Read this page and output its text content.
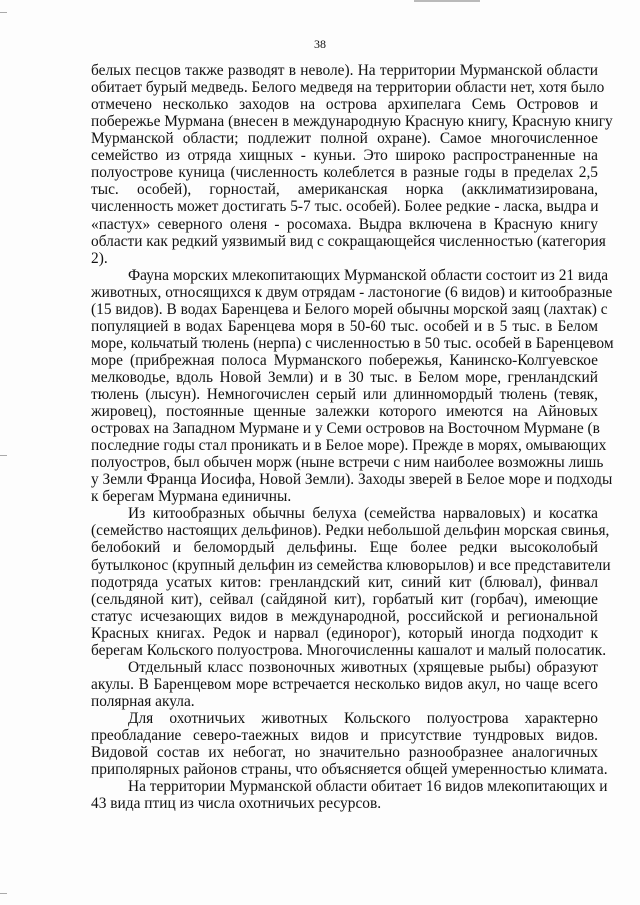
38
белых песцов также разводят в неволе). На территории Мурманской области
обитает бурый медведь. Белого медведя на территории области нет, хотя было
отмечено несколько заходов на острова архипелага Семь Островов и
побережье Мурмана (внесен в международную Красную книгу, Красную книгу
Мурманской области; подлежит полной охране). Самое многочисленное
семейство из отряда хищных - куньи. Это широко распространенные на
полуострове куница (численность колеблется в разные годы в пределах 2,5
тыс. особей), горностай, американская норка (акклиматизирована,
численность может достигать 5-7 тыс. особей). Более редкие - ласка, выдра и
«пастух» северного оленя - росомаха. Выдра включена в Красную книгу
области как редкий уязвимый вид с сокращающейся численностью (категория
2).
Фауна морских млекопитающих Мурманской области состоит из 21 вида
животных, относящихся к двум отрядам - ластоногие (6 видов) и китообразные
(15 видов). В водах Баренцева и Белого морей обычны морской заяц (лахтак) с
популяцией в водах Баренцева моря в 50-60 тыс. особей и в 5 тыс. в Белом
море, кольчатый тюлень (нерпа) с численностью в 50 тыс. особей в Баренцевом
море (прибрежная полоса Мурманского побережья, Канинско-Колгуевское
мелководье, вдоль Новой Земли) и в 30 тыс. в Белом море, гренландский
тюлень (лысун). Немногочислен серый или длинномордый тюлень (тевяк,
жировец), постоянные щенные залежки которого имеются на Айновых
островах на Западном Мурмане и у Семи островов на Восточном Мурмане (в
последние годы стал проникать и в Белое море). Прежде в морях, омывающих
полуостров, был обычен морж (ныне встречи с ним наиболее возможны лишь
у Земли Франца Иосифа, Новой Земли). Заходы зверей в Белое море и подходы
к берегам Мурмана единичны.
Из китообразных обычны белуха (семейства нарваловых) и косатка
(семейство настоящих дельфинов). Редки небольшой дельфин морская свинья,
белобокий и беломордый дельфины. Еще более редки высоколобый
бутылконос (крупный дельфин из семейства клюворылов) и все представители
подотряда усатых китов: гренландский кит, синий кит (блювал), финвал
(сельдяной кит), сейвал (сайдяной кит), горбатый кит (горбач), имеющие
статус исчезающих видов в международной, российской и региональной
Красных книгах. Редок и нарвал (единорог), который иногда подходит к
берегам Кольского полуострова. Многочисленны кашалот и малый полосатик.
Отдельный класс позвоночных животных (хрящевые рыбы) образуют
акулы. В Баренцевом море встречается несколько видов акул, но чаще всего
полярная акула.
Для охотничьих животных Кольского полуострова характерно
преобладание северо-таежных видов и присутствие тундровых видов.
Видовой состав их небогат, но значительно разнообразнее аналогичных
приполярных районов страны, что объясняется общей умеренностью климата.
На территории Мурманской области обитает 16 видов млекопитающих и
43 вида птиц из числа охотничьих ресурсов.
